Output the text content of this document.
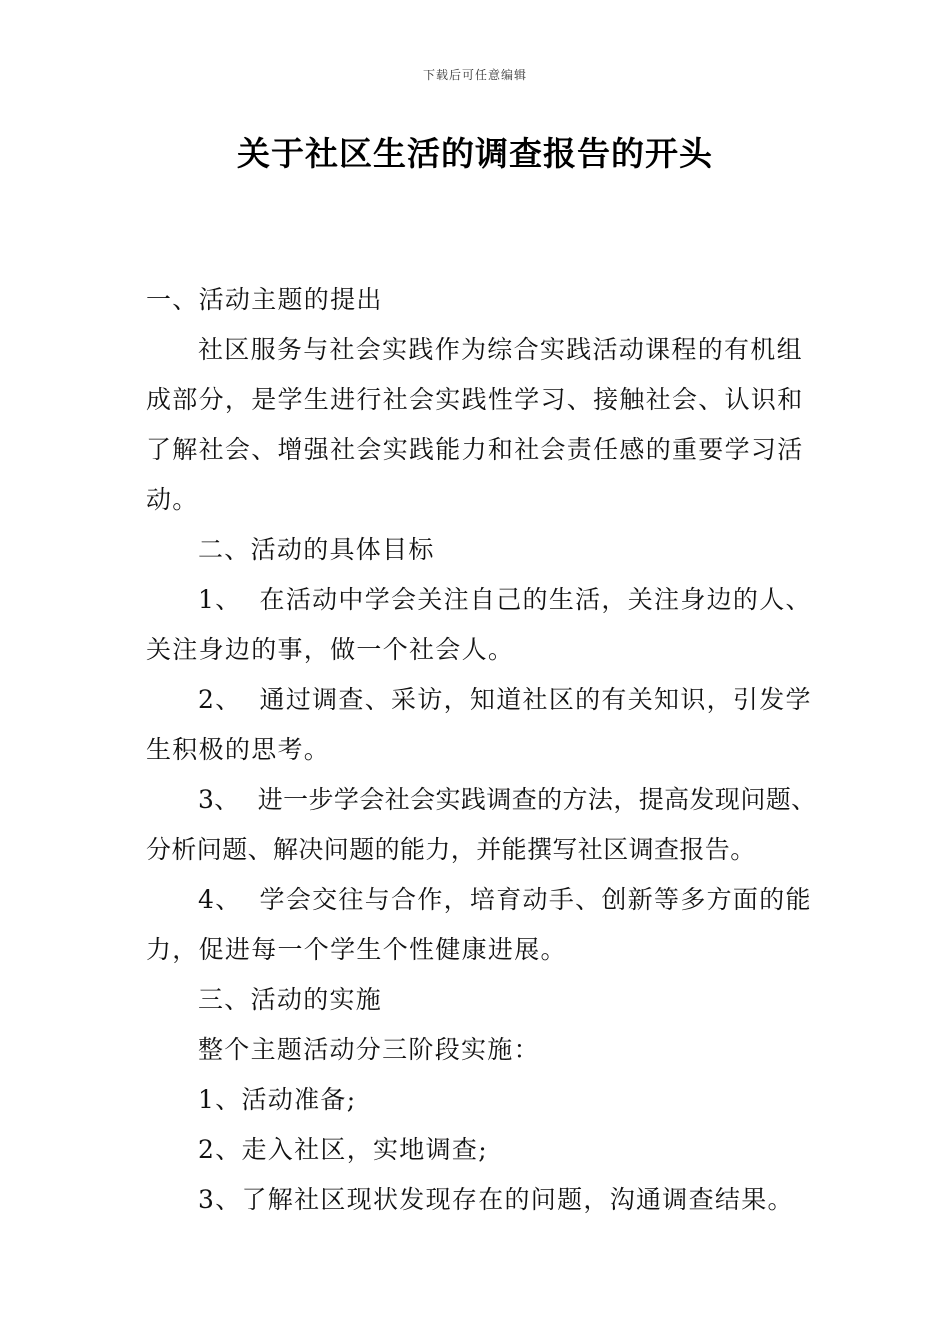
下载后可任意编辑
关于社区生活的调查报告的开头

一、活动主题的提出

社区服务与社会实践作为综合实践活动课程的有机组成部分，是学生进行社会实践性学习、接触社会、认识和了解社会、增强社会实践能力和社会责任感的重要学习活动。

二、活动的具体目标

1、 在活动中学会关注自己的生活，关注身边的人、关注身边的事，做一个社会人。

2、 通过调查、采访，知道社区的有关知识，引发学生积极的思考。

3、 进一步学会社会实践调查的方法，提高发现问题、分析问题、解决问题的能力，并能撰写社区调查报告。

4、 学会交往与合作，培育动手、创新等多方面的能力，促进每一个学生个性健康进展。

三、活动的实施

整个主题活动分三阶段实施：

1、活动准备;

2、走入社区，实地调查;

3、了解社区现状发现存在的问题，沟通调查结果。
